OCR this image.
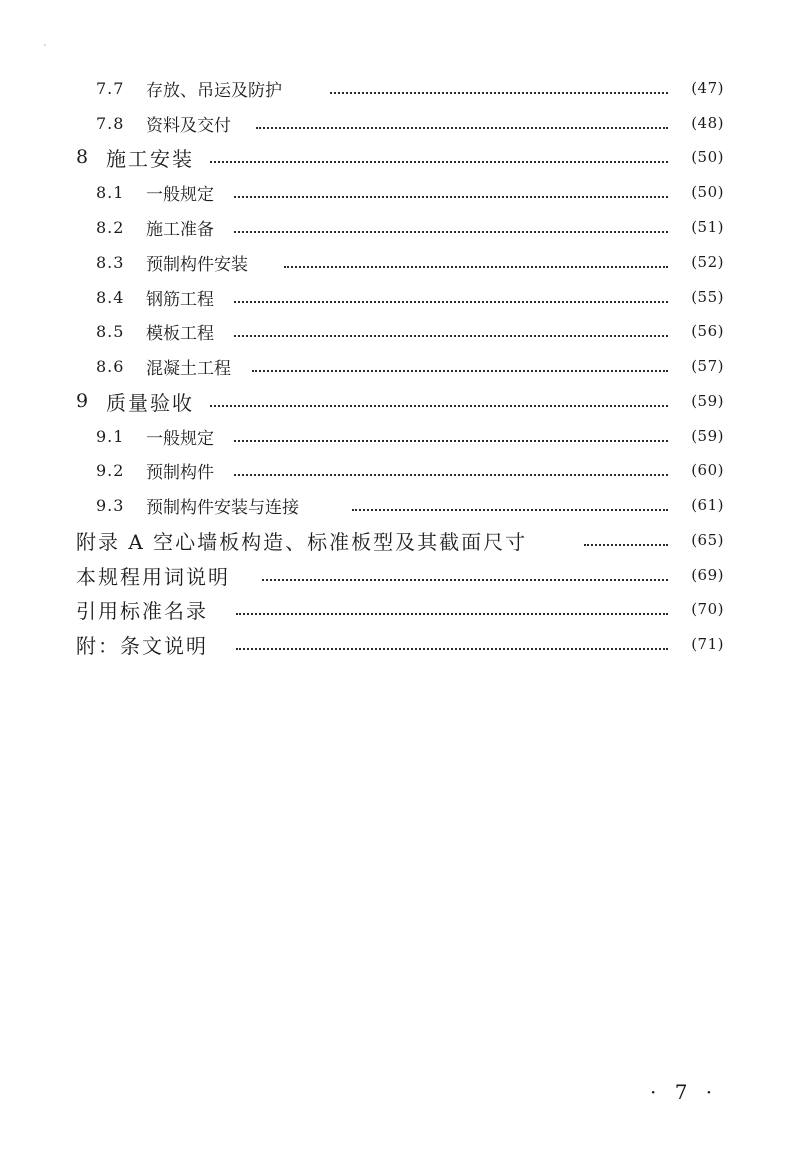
7.7 存放、吊运及防护	(47)
7.8 资料及交付	(48)
8 施工安装	(50)
8.1 一般规定	(50)
8.2 施工准备	(51)
8.3 预制构件安装	(52)
8.4 钢筋工程	(55)
8.5 模板工程	(56)
8.6 混凝土工程	(57)
9 质量验收	(59)
9.1 一般规定	(59)
9.2 预制构件	(60)
9.3 预制构件安装与连接	(61)
附录 A 空心墙板构造、标准板型及其截面尺寸	(65)
本规程用词说明	(69)
引用标准名录	(70)
附：条文说明	(71)
· 7 ·
